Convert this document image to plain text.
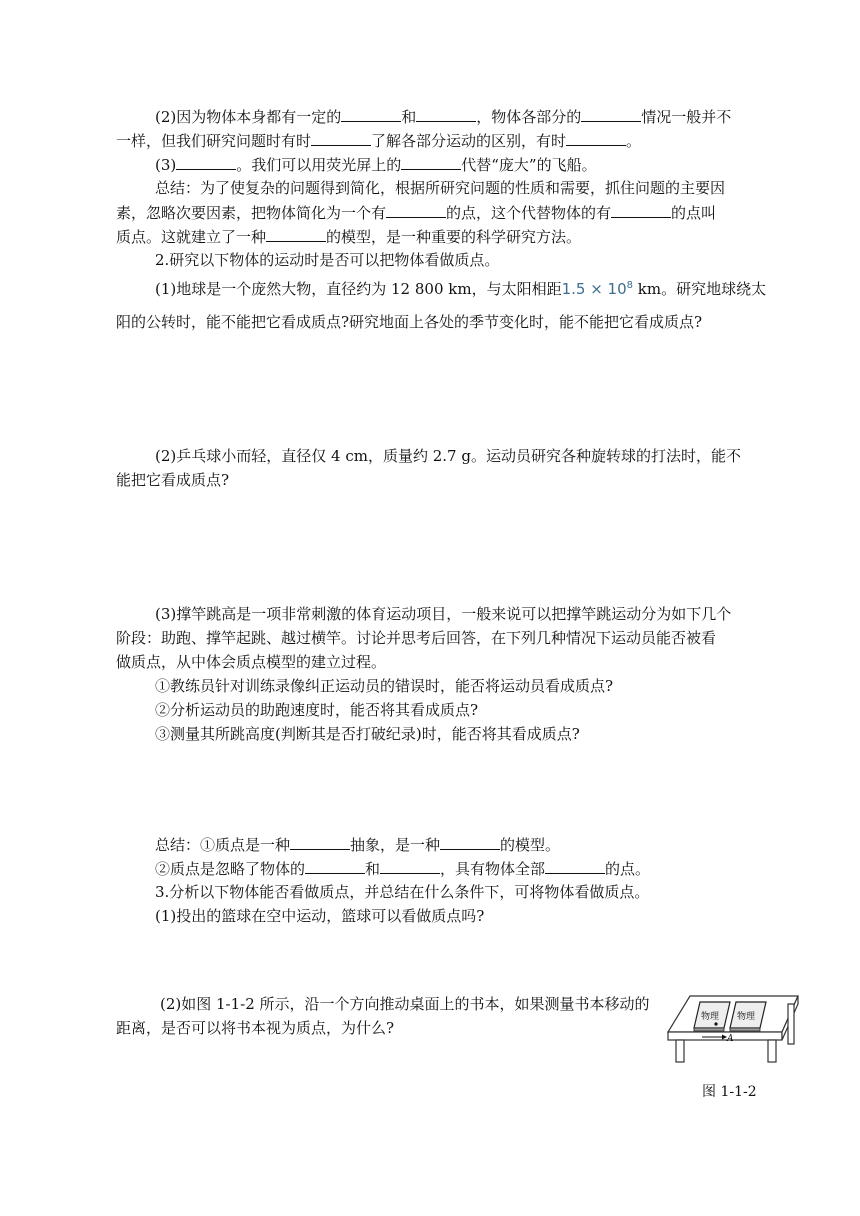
(2)因为物体本身都有一定的	和	，物体各部分的	情况一般并不
一样，但我们研究问题时有时	了解各部分运动的区别，有时	。
(3)	。我们可以用荧光屏上的	代替“庞大”的飞船。
总结：为了使复杂的问题得到简化，根据所研究问题的性质和需要，抓住问题的主要因
素，忽略次要因素，把物体简化为一个有	的点，这个代替物体的有	的点叫
质点。这就建立了一种	的模型，是一种重要的科学研究方法。
2.研究以下物体的运动时是否可以把物体看做质点。
(1)地球是一个庞然大物，直径约为 12 800 km，与太阳相距$1.5 \times 10^8$ km。研究地球绕太
阳的公转时，能不能把它看成质点?研究地面上各处的季节变化时，能不能把它看成质点?
(2)乒乓球小而轻，直径仅 4 cm，质量约 2.7 g。运动员研究各种旋转球的打法时，能不
能把它看成质点?
(3)撑竿跳高是一项非常刺激的体育运动项目，一般来说可以把撑竿跳运动分为如下几个
阶段：助跑、撑竿起跳、越过横竿。讨论并思考后回答，在下列几种情况下运动员能否被看
做质点，从中体会质点模型的建立过程。
①教练员针对训练录像纠正运动员的错误时，能否将运动员看成质点?
②分析运动员的助跑速度时，能否将其看成质点?
③测量其所跳高度(判断其是否打破纪录)时，能否将其看成质点?
总结：①质点是一种	抽象，是一种	的模型。
②质点是忽略了物体的	和	，具有物体全部	的点。
3.分析以下物体能否看做质点，并总结在什么条件下，可将物体看做质点。
(1)投出的篮球在空中运动，篮球可以看做质点吗?
(2)如图 1-1-2 所示，沿一个方向推动桌面上的书本，如果测量书本移动的
距离，是否可以将书本视为质点，为什么?
物理 物理
A
图 1-1-2
